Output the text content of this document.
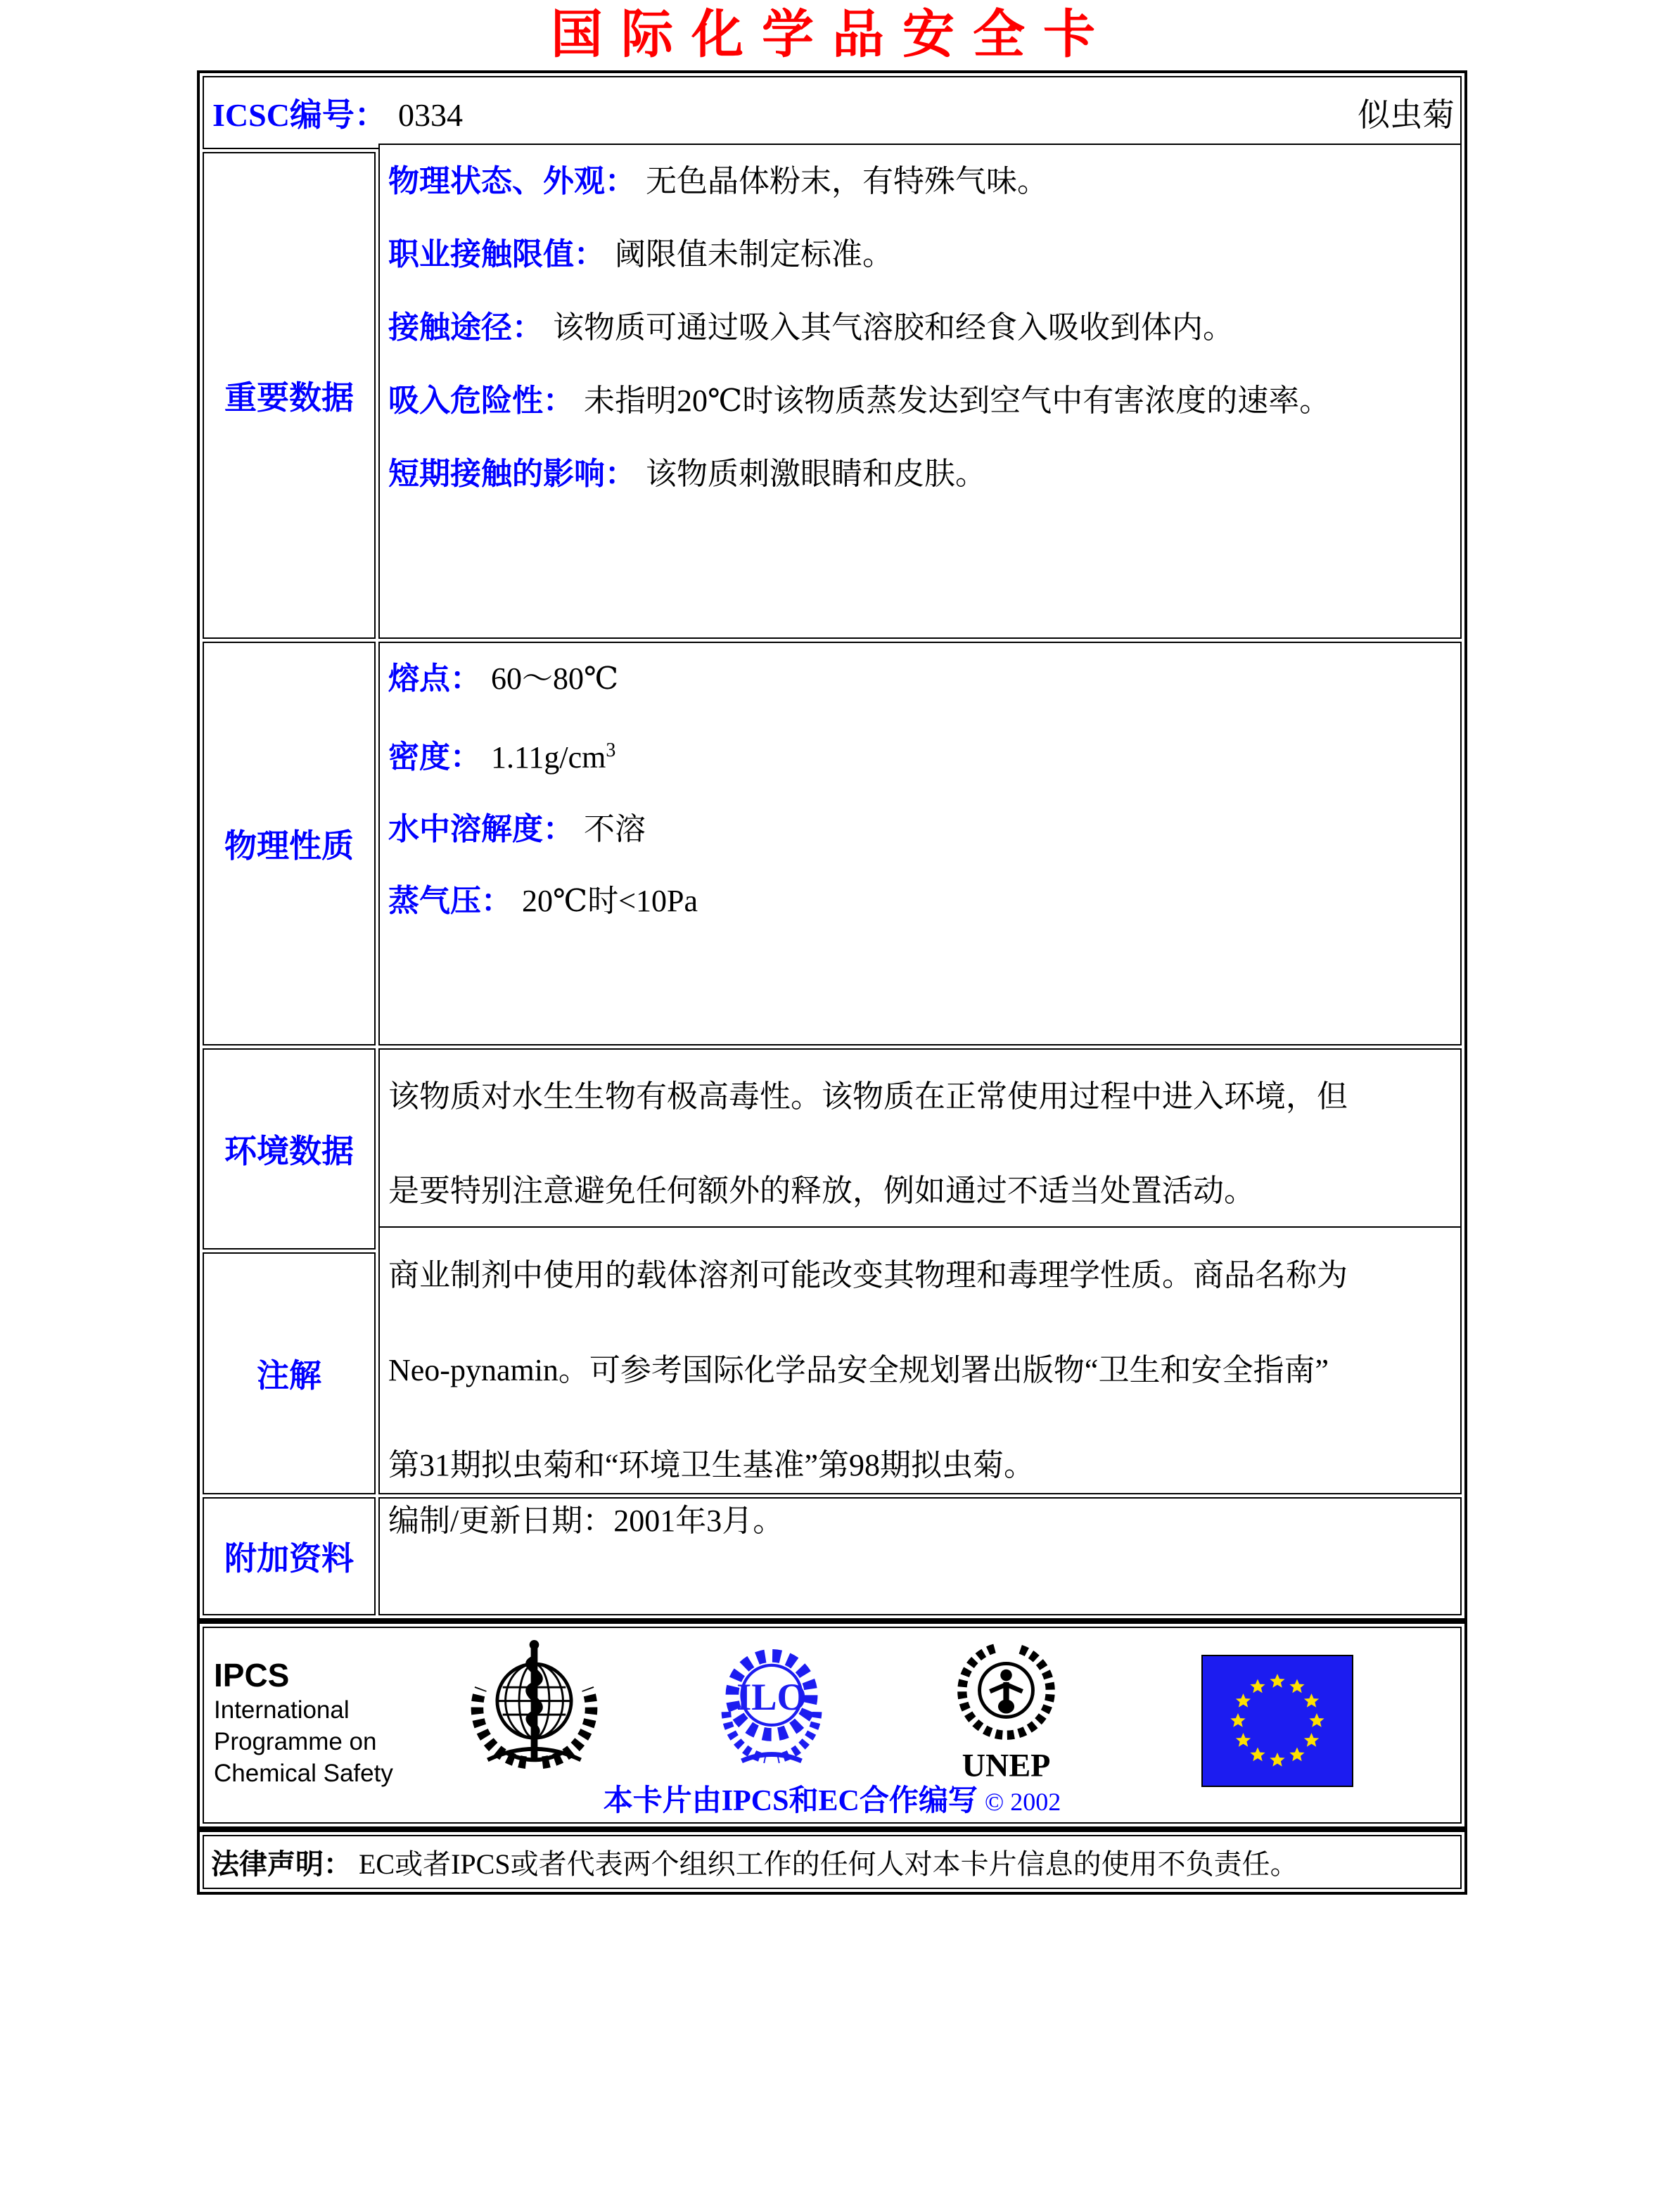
国际化学品安全卡
ICSC编号： 0334	似虫菊
重要数据
物理状态、外观： 无色晶体粉末，有特殊气味。
职业接触限值： 阈限值未制定标准。
接触途径： 该物质可通过吸入其气溶胶和经食入吸收到体内。
吸入危险性： 未指明20℃时该物质蒸发达到空气中有害浓度的速率。
短期接触的影响： 该物质刺激眼睛和皮肤。
物理性质
熔点： 60～80℃
密度： $1.11g/cm^3$
水中溶解度： 不溶
蒸气压： 20℃时<10Pa
环境数据
该物质对水生生物有极高毒性。该物质在正常使用过程中进入环境，但
是要特别注意避免任何额外的释放，例如通过不适当处置活动。
注解
商业制剂中使用的载体溶剂可能改变其物理和毒理学性质。商品名称为
Neo-pynamin。可参考国际化学品安全规划署出版物“卫生和安全指南”
第31期拟虫菊和“环境卫生基准”第98期拟虫菊。
附加资料
编制/更新日期：2001年3月。
IPCS
International
Programme on
Chemical Safety
ILO
UNEP
本卡片由IPCS和EC合作编写 © 2002
法律声明： EC或者IPCS或者代表两个组织工作的任何人对本卡片信息的使用不负责任。
